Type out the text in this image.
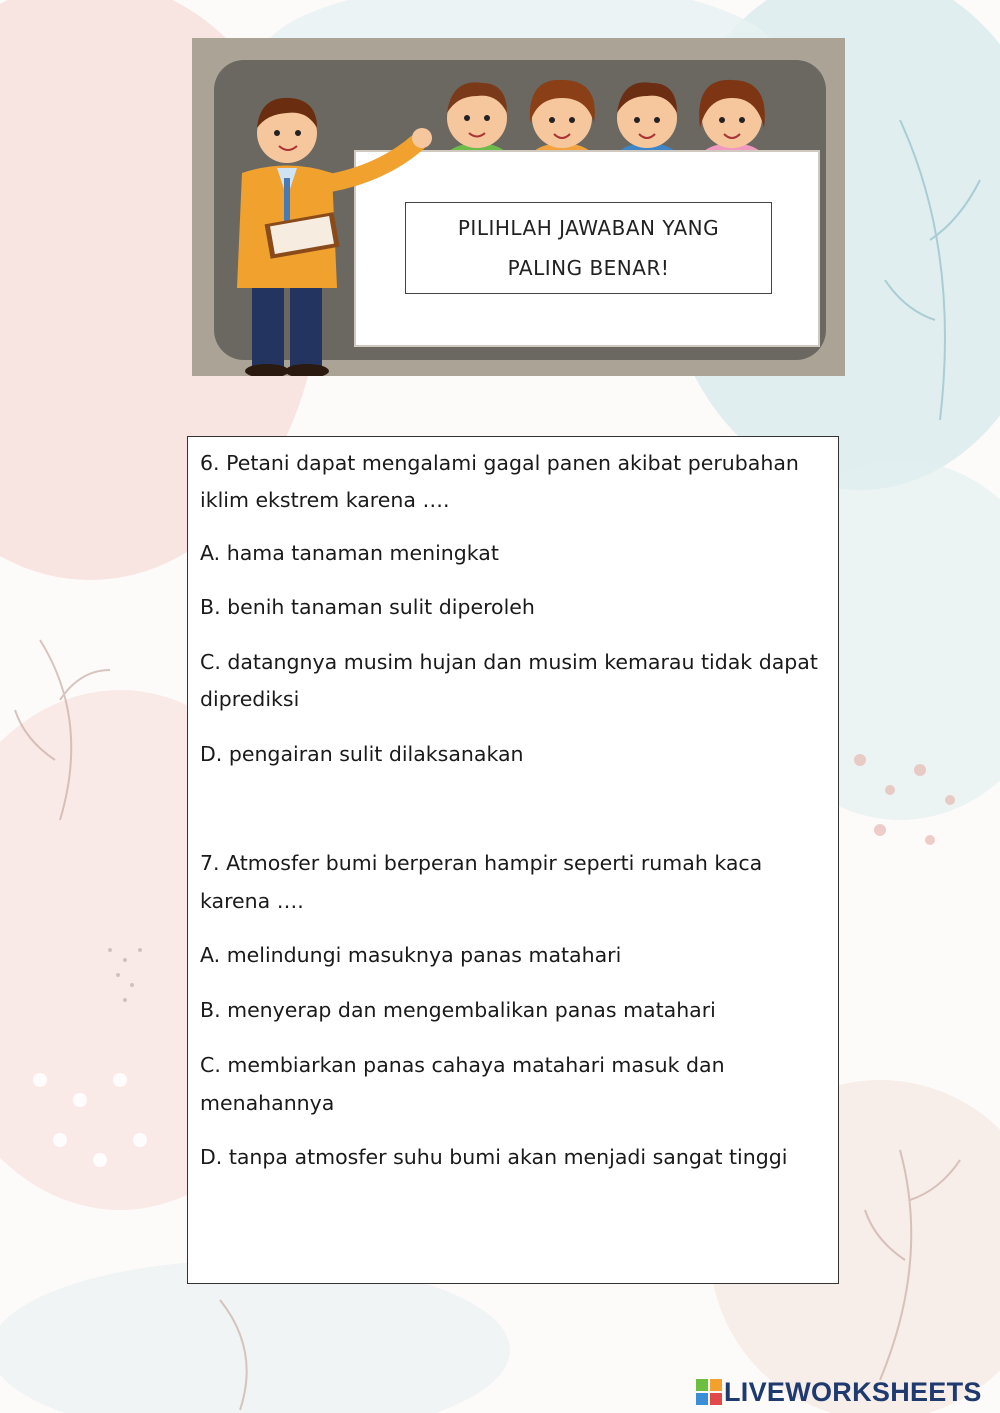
PILIHLAH JAWABAN YANG
PALING BENAR!
6. Petani dapat mengalami gagal panen akibat perubahan
iklim ekstrem karena ….
A. hama tanaman meningkat
B. benih tanaman sulit diperoleh
C. datangnya musim hujan dan musim kemarau tidak dapat
diprediksi
D. pengairan sulit dilaksanakan
7. Atmosfer bumi berperan hampir seperti rumah kaca
karena ….
A. melindungi masuknya panas matahari
B. menyerap dan mengembalikan panas matahari
C. membiarkan panas cahaya matahari masuk dan
menahannya
D. tanpa atmosfer suhu bumi akan menjadi sangat tinggi
LIVEWORKSHEETS
